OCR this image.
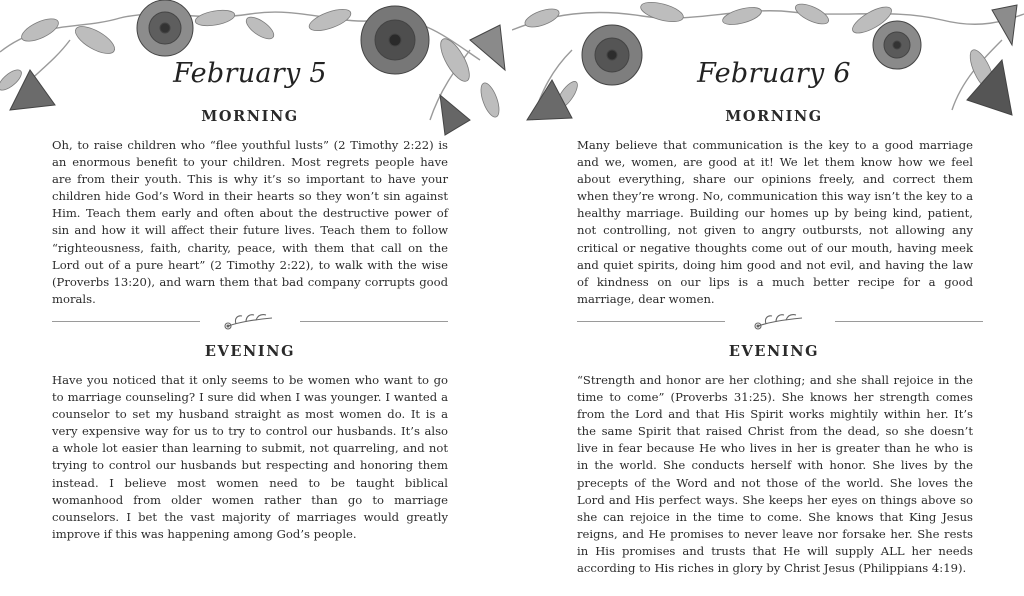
February 5
MORNING

Oh, to raise children who “flee youthful lusts” (2 Timothy 2:22) is an enormous benefit to your children. Most regrets people have are from their youth. This is why it’s so important to have your children hide God’s Word in their hearts so they won’t sin against Him. Teach them early and often about the destructive power of sin and how it will affect their future lives. Teach them to follow “righteousness, faith, charity, peace, with them that call on the Lord out of a pure heart” (2 Timothy 2:22), to walk with the wise (Proverbs 13:20), and warn them that bad company corrupts good morals.

EVENING

Have you noticed that it only seems to be women who want to go to marriage counseling? I sure did when I was younger. I wanted a counselor to set my husband straight as most women do. It is a very expensive way for us to try to control our husbands. It’s also a whole lot easier than learning to submit, not quarreling, and not trying to control our husbands but respecting and honoring them instead. I believe most women need to be taught biblical womanhood from older women rather than go to marriage counselors. I bet the vast majority of marriages would greatly improve if this was happening among God’s people.

February 6
MORNING

Many believe that communication is the key to a good marriage and we, women, are good at it! We let them know how we feel about everything, share our opinions freely, and correct them when they’re wrong. No, communication this way isn’t the key to a healthy marriage. Building our homes up by being kind, patient, not controlling, not given to angry outbursts, not allowing any critical or negative thoughts come out of our mouth, having meek and quiet spirits, doing him good and not evil, and having the law of kindness on our lips is a much better recipe for a good marriage, dear women.

EVENING

“Strength and honor are her clothing; and she shall rejoice in the time to come” (Proverbs 31:25). She knows her strength comes from the Lord and that His Spirit works mightily within her. It’s the same Spirit that raised Christ from the dead, so she doesn’t live in fear because He who lives in her is greater than he who is in the world. She conducts herself with honor. She lives by the precepts of the Word and not those of the world. She loves the Lord and His perfect ways. She keeps her eyes on things above so she can rejoice in the time to come. She knows that King Jesus reigns, and He promises to never leave nor forsake her. She rests in His promises and trusts that He will supply ALL her needs according to His riches in glory by Christ Jesus (Philippians 4:19).
